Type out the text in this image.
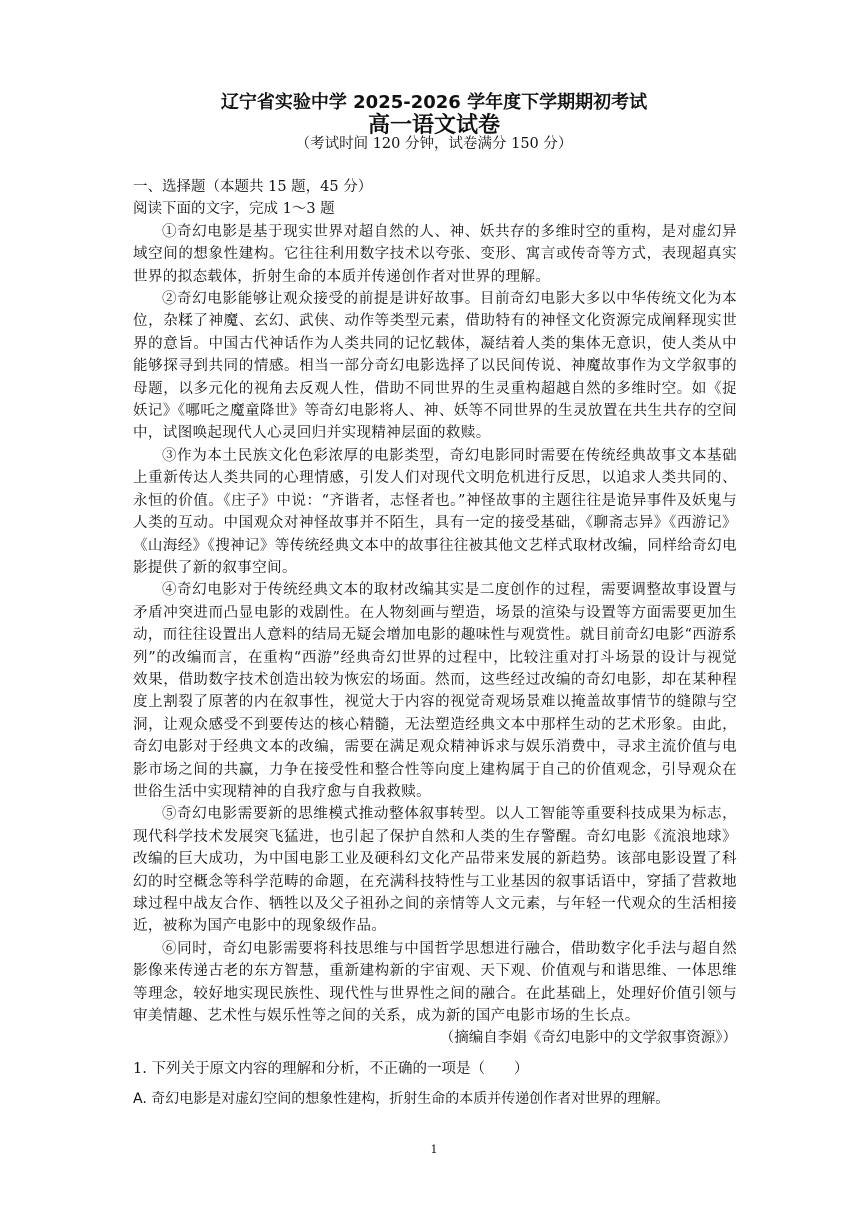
辽宁省实验中学 2025-2026 学年度下学期期初考试
高一语文试卷
（考试时间 120 分钟，试卷满分 150 分）

一、选择题（本题共 15 题，45 分）

阅读下面的文字，完成 1～3 题

①奇幻电影是基于现实世界对超自然的人、神、妖共存的多维时空的重构，是对虚幻异域空间的想象性建构。它往往利用数字技术以夸张、变形、寓言或传奇等方式，表现超真实世界的拟态载体，折射生命的本质并传递创作者对世界的理解。

②奇幻电影能够让观众接受的前提是讲好故事。目前奇幻电影大多以中华传统文化为本位，杂糅了神魔、玄幻、武侠、动作等类型元素，借助特有的神怪文化资源完成阐释现实世界的意旨。中国古代神话作为人类共同的记忆载体，凝结着人类的集体无意识，使人类从中能够探寻到共同的情感。相当一部分奇幻电影选择了以民间传说、神魔故事作为文学叙事的母题，以多元化的视角去反观人性，借助不同世界的生灵重构超越自然的多维时空。如《捉妖记》《哪吒之魔童降世》等奇幻电影将人、神、妖等不同世界的生灵放置在共生共存的空间中，试图唤起现代人心灵回归并实现精神层面的救赎。

③作为本土民族文化色彩浓厚的电影类型，奇幻电影同时需要在传统经典故事文本基础上重新传达人类共同的心理情感，引发人们对现代文明危机进行反思，以追求人类共同的、永恒的价值。《庄子》中说：“齐谐者，志怪者也。”神怪故事的主题往往是诡异事件及妖鬼与人类的互动。中国观众对神怪故事并不陌生，具有一定的接受基础，《聊斋志异》《西游记》《山海经》《搜神记》等传统经典文本中的故事往往被其他文艺样式取材改编，同样给奇幻电影提供了新的叙事空间。

④奇幻电影对于传统经典文本的取材改编其实是二度创作的过程，需要调整故事设置与矛盾冲突进而凸显电影的戏剧性。在人物刻画与塑造，场景的渲染与设置等方面需要更加生动，而往往设置出人意料的结局无疑会增加电影的趣味性与观赏性。就目前奇幻电影“西游系列”的改编而言，在重构“西游”经典奇幻世界的过程中，比较注重对打斗场景的设计与视觉效果，借助数字技术创造出较为恢宏的场面。然而，这些经过改编的奇幻电影，却在某种程度上割裂了原著的内在叙事性，视觉大于内容的视觉奇观场景难以掩盖故事情节的缝隙与空洞，让观众感受不到要传达的核心精髓，无法塑造经典文本中那样生动的艺术形象。由此，奇幻电影对于经典文本的改编，需要在满足观众精神诉求与娱乐消费中，寻求主流价值与电影市场之间的共赢，力争在接受性和整合性等向度上建构属于自己的价值观念，引导观众在世俗生活中实现精神的自我疗愈与自我救赎。

⑤奇幻电影需要新的思维模式推动整体叙事转型。以人工智能等重要科技成果为标志，现代科学技术发展突飞猛进，也引起了保护自然和人类的生存警醒。奇幻电影《流浪地球》改编的巨大成功，为中国电影工业及硬科幻文化产品带来发展的新趋势。该部电影设置了科幻的时空概念等科学范畴的命题，在充满科技特性与工业基因的叙事话语中，穿插了营救地球过程中战友合作、牺牲以及父子祖孙之间的亲情等人文元素，与年轻一代观众的生活相接近，被称为国产电影中的现象级作品。

⑥同时，奇幻电影需要将科技思维与中国哲学思想进行融合，借助数字化手法与超自然影像来传递古老的东方智慧，重新建构新的宇宙观、天下观、价值观与和谐思维、一体思维等理念，较好地实现民族性、现代性与世界性之间的融合。在此基础上，处理好价值引领与审美情趣、艺术性与娱乐性等之间的关系，成为新的国产电影市场的生长点。

（摘编自李娟《奇幻电影中的文学叙事资源》）

1. 下列关于原文内容的理解和分析，不正确的一项是（　　）

A. 奇幻电影是对虚幻空间的想象性建构，折射生命的本质并传递创作者对世界的理解。

1
